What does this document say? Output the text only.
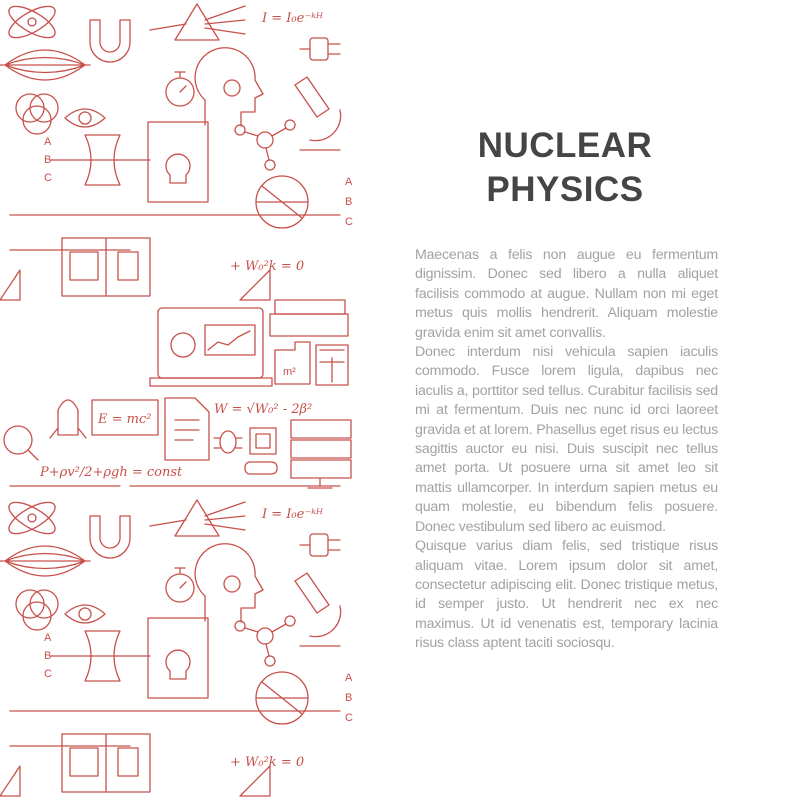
I = I₀e⁻ᵏᴴ
A
B
C	A
B
C
+ W₀²k = 0
m²
E = mc²
W = √W₀² - 2β²
P+ρv²/2+ρgh = const
NUCLEAR
PHYSICS

Maecenas a felis non augue eu fermentum dignissim. Donec sed libero a nulla aliquet facilisis commodo at augue. Nullam non mi eget metus quis mollis hendrerit. Aliquam molestie gravida enim sit amet convallis.

Donec interdum nisi vehicula sapien iaculis commodo. Fusce lorem ligula, dapibus nec iaculis a, porttitor sed tellus. Curabitur facilisis sed mi at fermentum. Duis nec nunc id orci laoreet gravida et at lorem. Phasellus eget risus eu lectus sagittis auctor eu nisi. Duis suscipit nec tellus amet porta. Ut posuere urna sit amet leo sit mattis ullamcorper. In interdum sapien metus eu quam molestie, eu bibendum felis posuere. Donec vestibulum sed libero ac euismod.

Quisque varius diam felis, sed tristique risus aliquam vitae. Lorem ipsum dolor sit amet, consectetur adipiscing elit. Donec tristique metus, id semper justo. Ut hendrerit nec ex nec maximus. Ut id venenatis est, temporary lacinia risus class aptent taciti sociosqu.
